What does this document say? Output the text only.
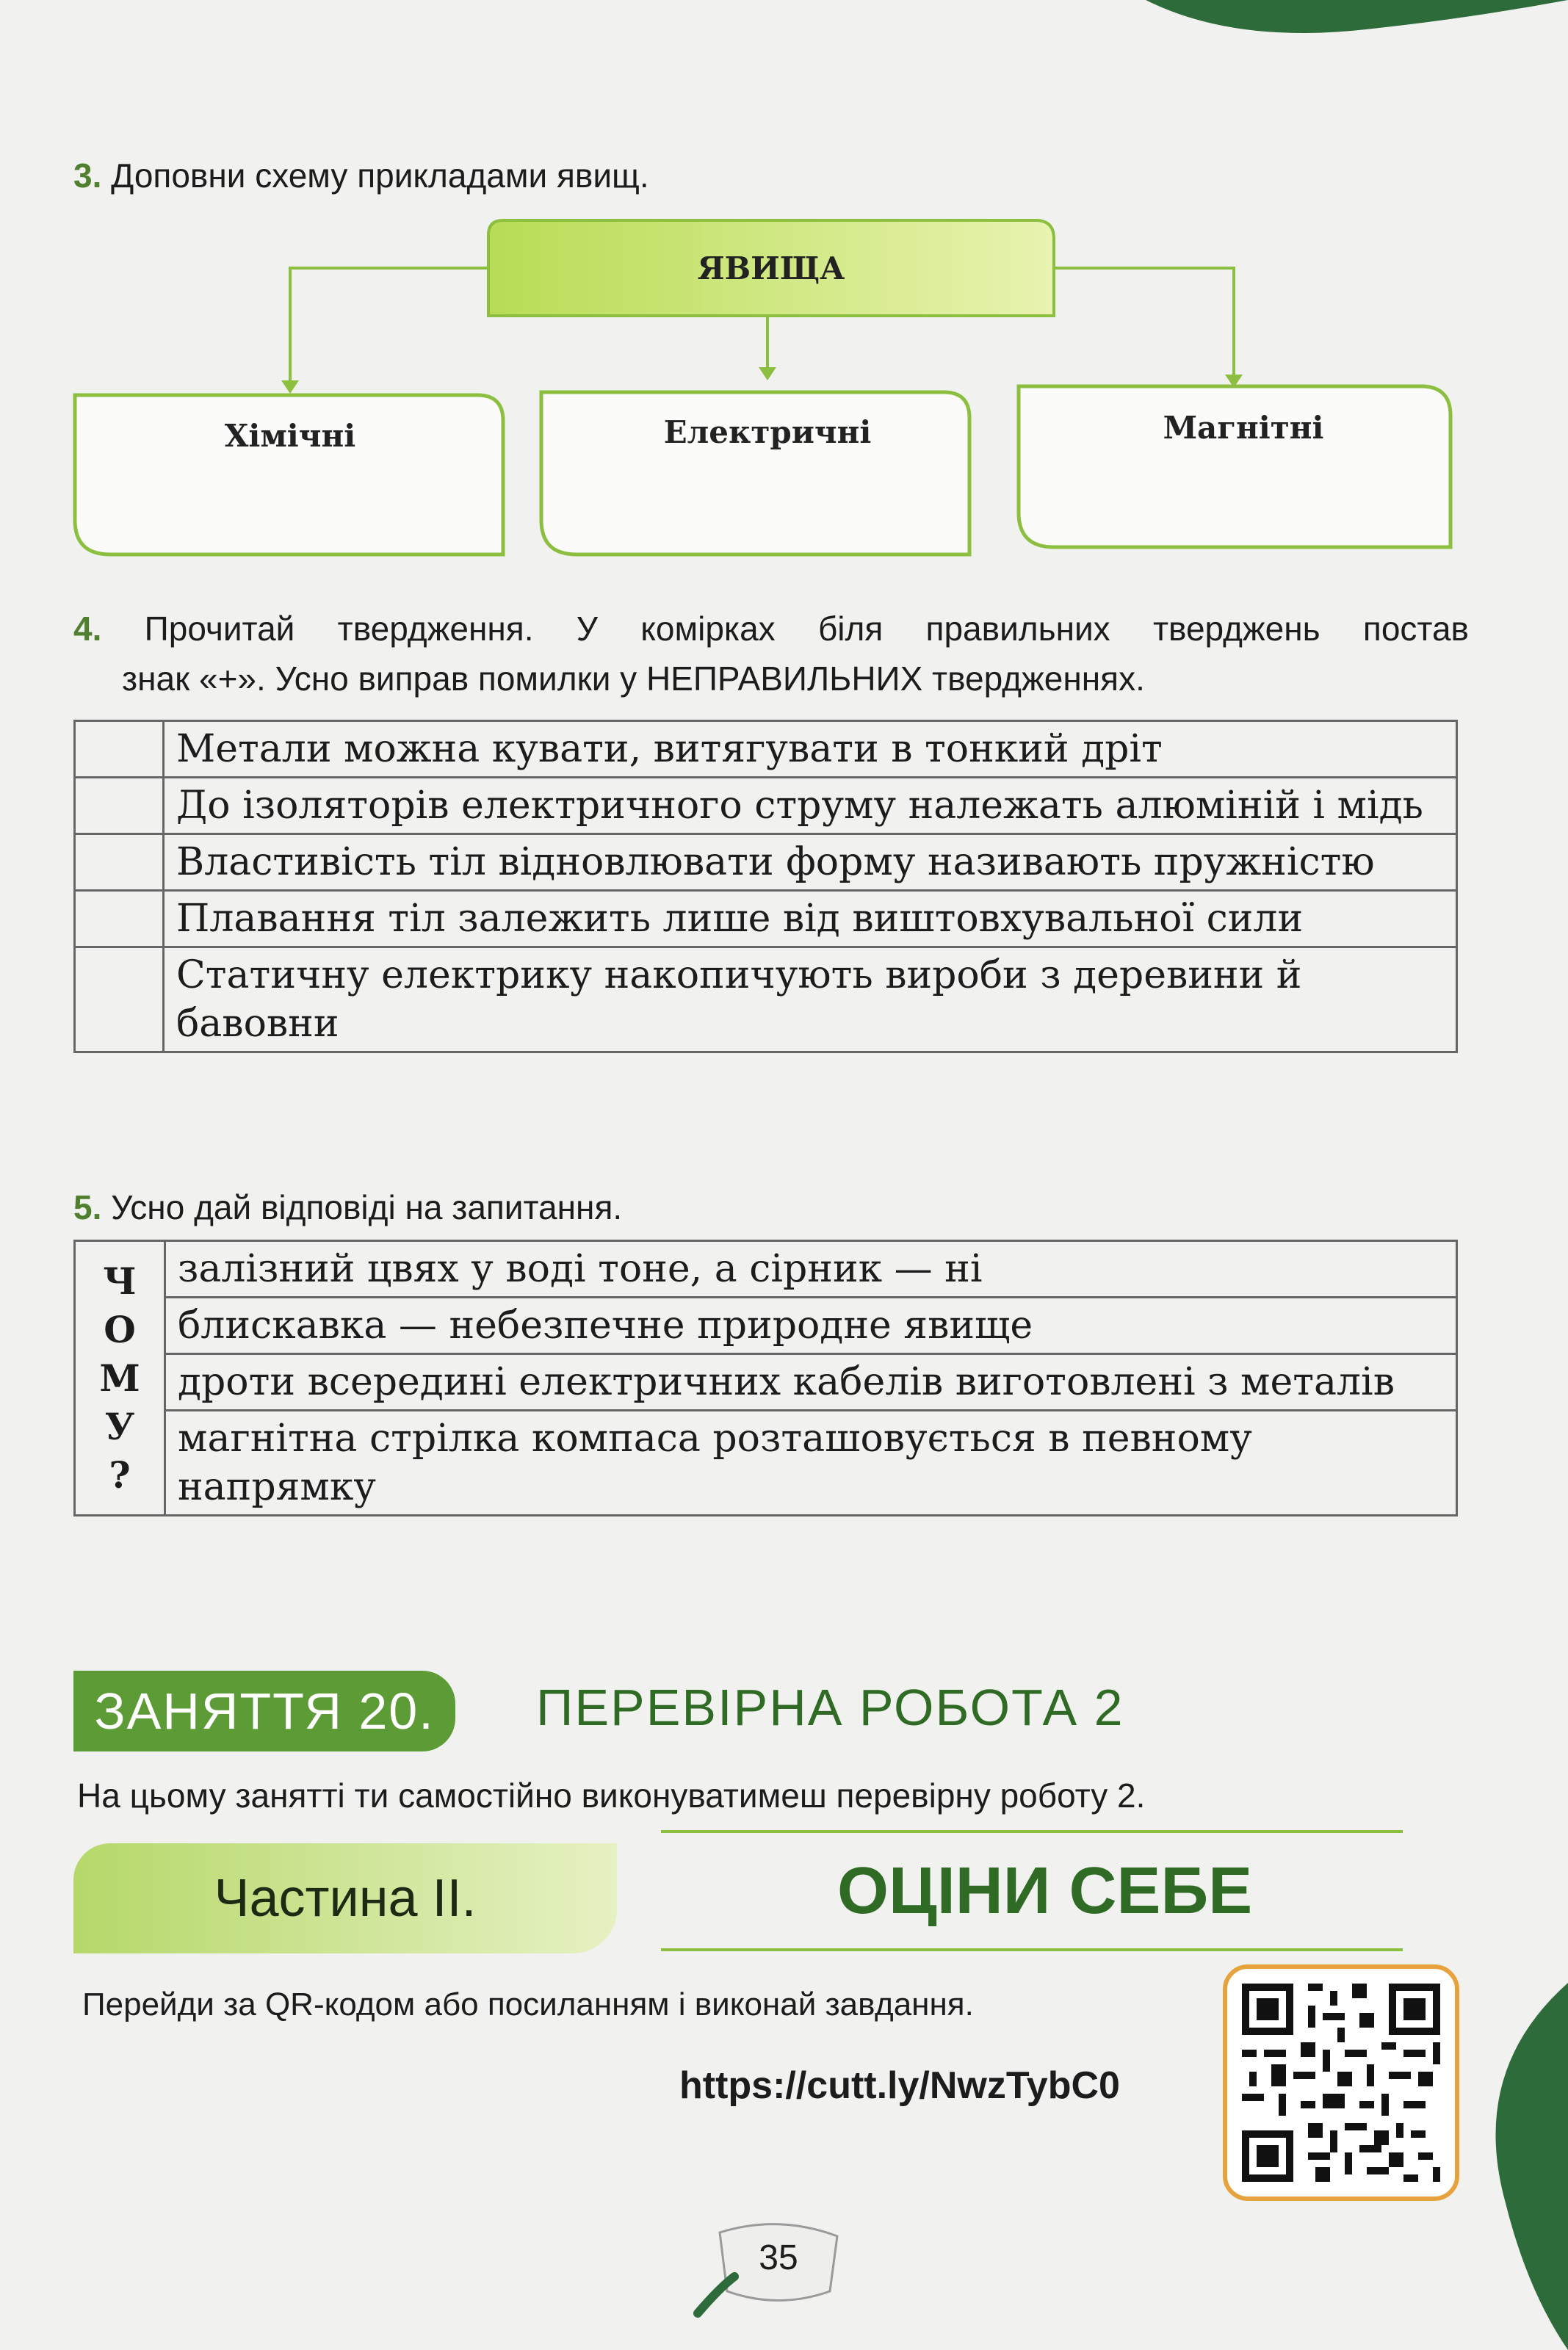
3. Доповни схему прикладами явищ.
ЯВИЩА
Хімічні	Електричні	Магнітні
4. Прочитай твердження. У комірках біля правильних тверджень постав
знак «+». Усно виправ помилки у НЕПРАВИЛЬНИХ твердженнях.
	Метали можна кувати, витягувати в тонкий дріт
	До ізоляторів електричного струму належать алюміній і мідь
	Властивість тіл відновлювати форму називають пружністю
	Плавання тіл залежить лише від виштовхувальної сили
	Статичну електрику накопичують вироби з деревини й бавовни
5. Усно дай відповіді на запитання.
Ч
О
М
У
?
	залізний цвях у воді тоне, а сірник — ні
блискавка — небезпечне природне явище
дроти всередині електричних кабелів виготовлені з металів
магнітна стрілка компаса розташовується в певному напрямку
ЗАНЯТТЯ 20.	ПЕРЕВІРНА РОБОТА 2
На цьому занятті ти самостійно виконуватимеш перевірну роботу 2.
Частина ІІ.	ОЦІНИ СЕБЕ
Перейди за QR-кодом або посиланням і виконай завдання.
https://cutt.ly/NwzTybC0
35
